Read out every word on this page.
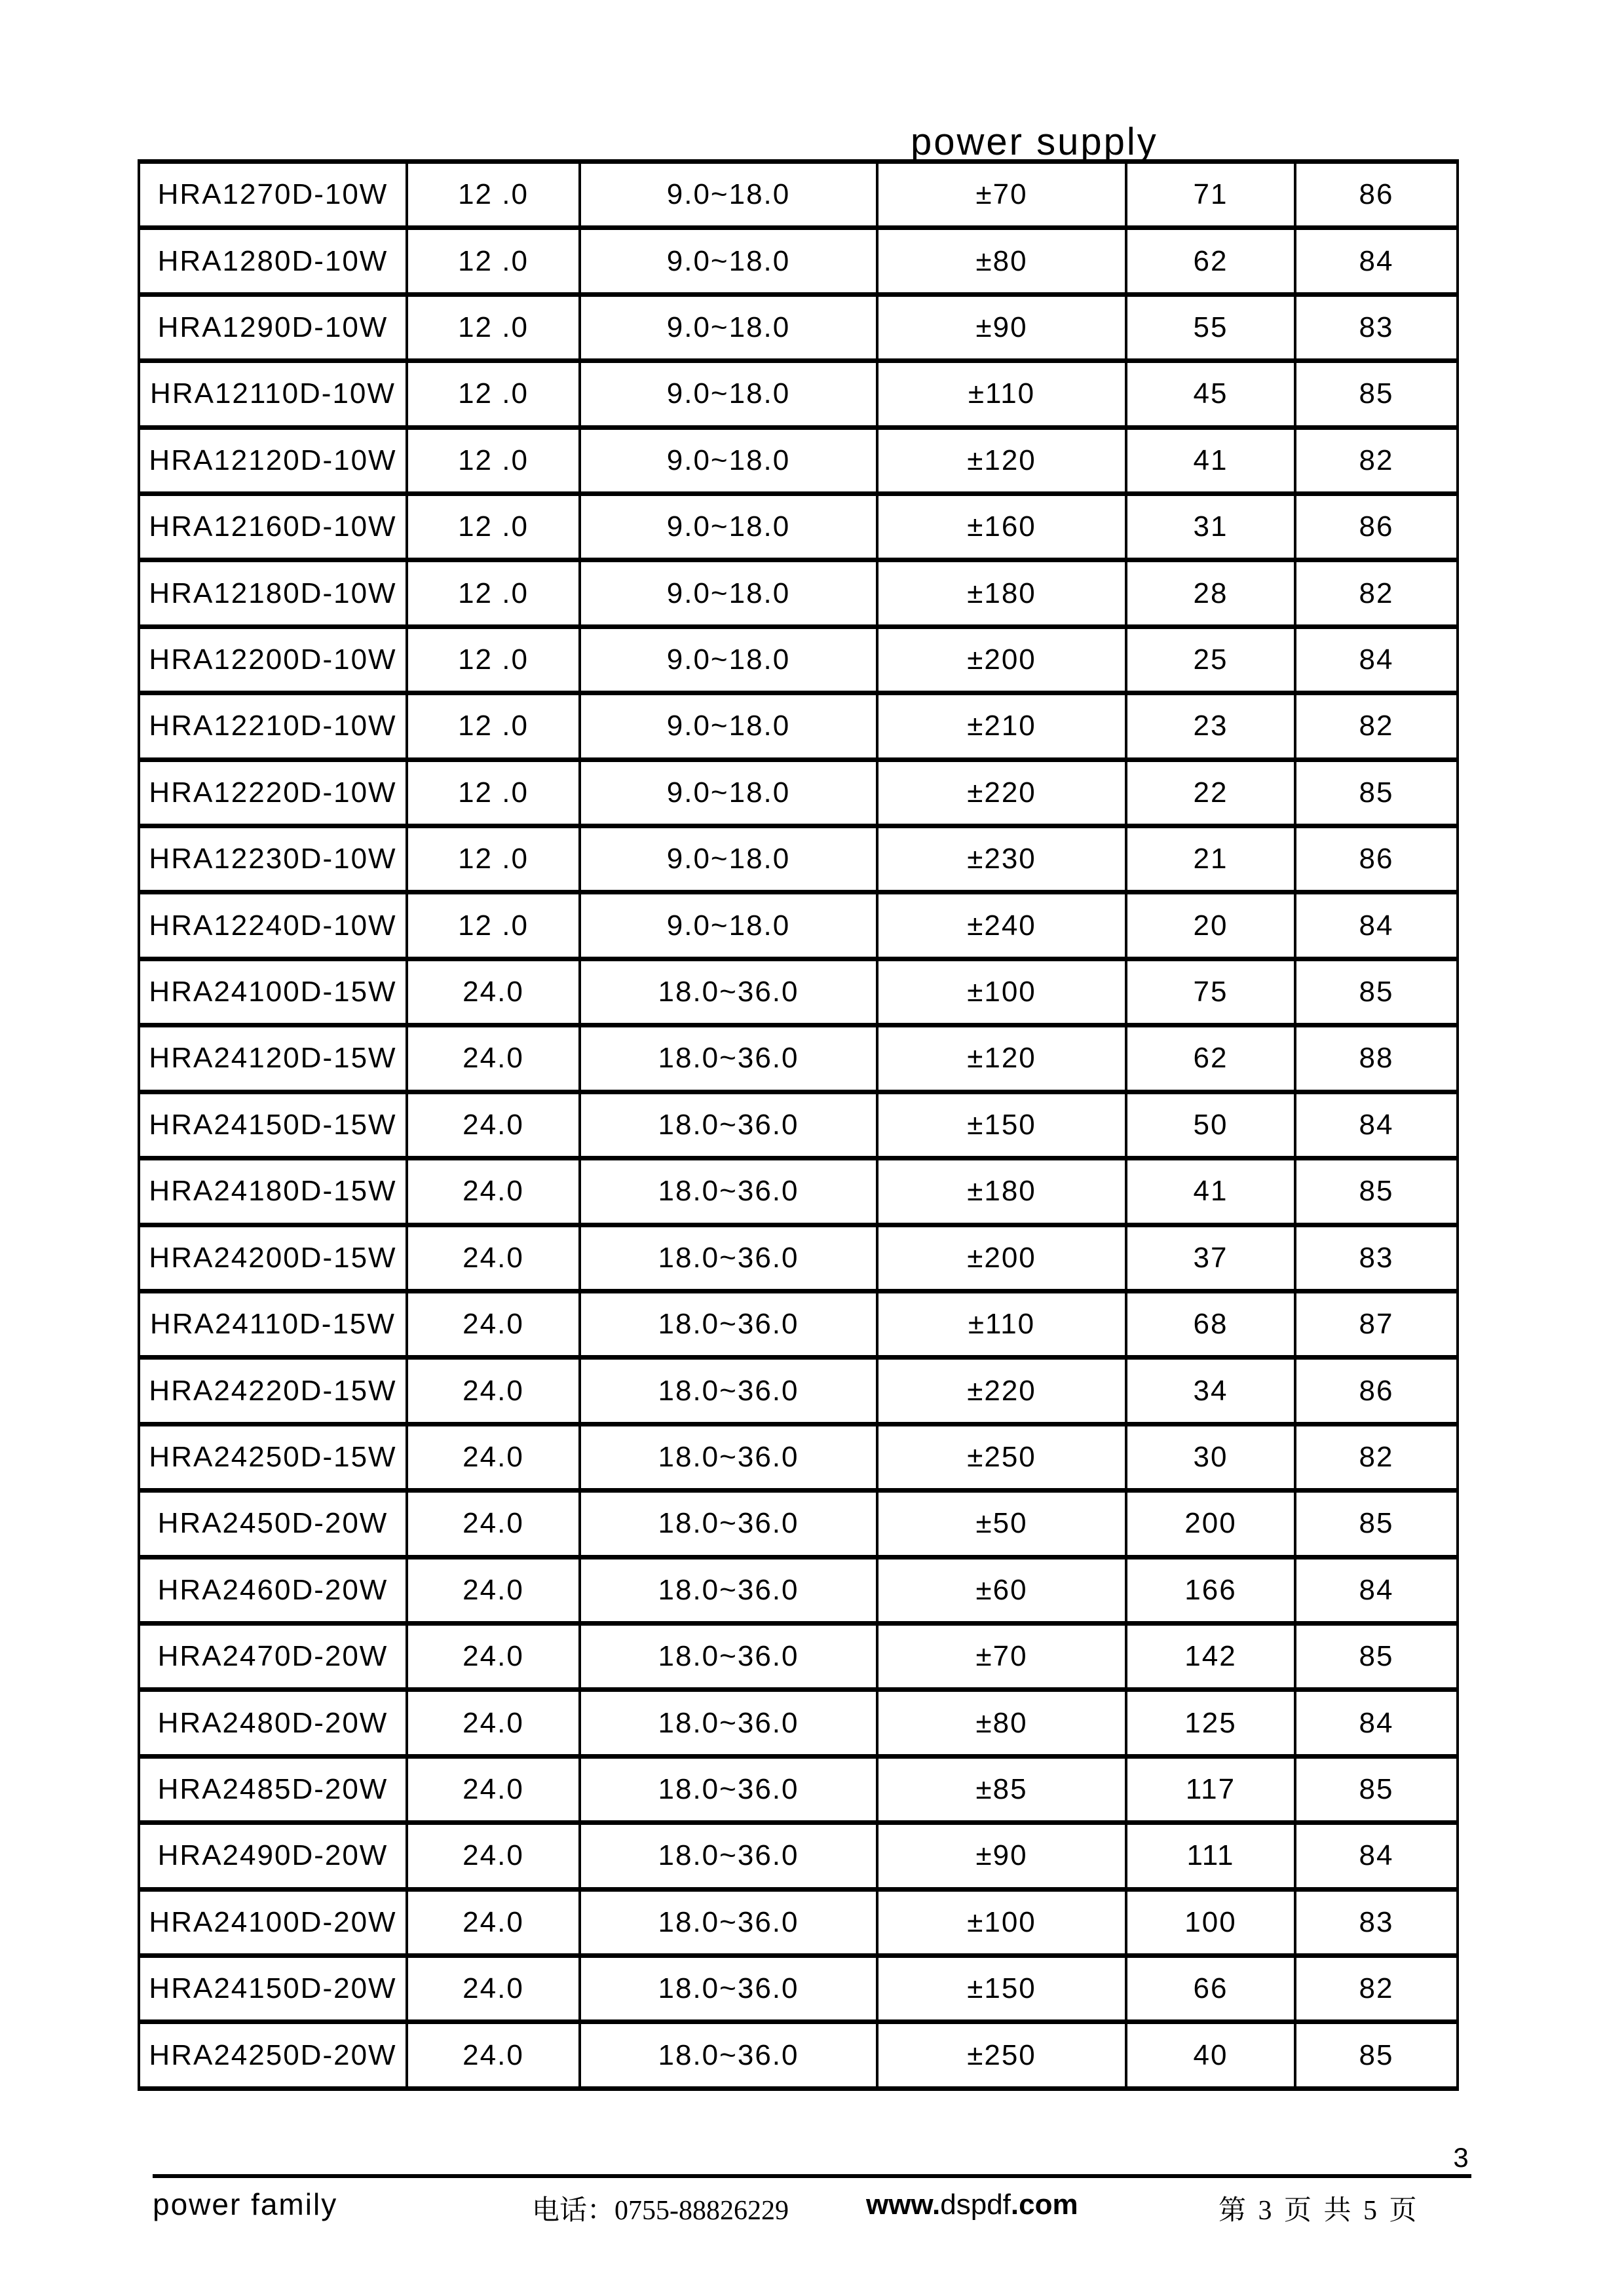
power supply
HRA1270D-10W	12 .0	9.0~18.0	±70	71	86
HRA1280D-10W	12 .0	9.0~18.0	±80	62	84
HRA1290D-10W	12 .0	9.0~18.0	±90	55	83
HRA12110D-10W	12 .0	9.0~18.0	±110	45	85
HRA12120D-10W	12 .0	9.0~18.0	±120	41	82
HRA12160D-10W	12 .0	9.0~18.0	±160	31	86
HRA12180D-10W	12 .0	9.0~18.0	±180	28	82
HRA12200D-10W	12 .0	9.0~18.0	±200	25	84
HRA12210D-10W	12 .0	9.0~18.0	±210	23	82
HRA12220D-10W	12 .0	9.0~18.0	±220	22	85
HRA12230D-10W	12 .0	9.0~18.0	±230	21	86
HRA12240D-10W	12 .0	9.0~18.0	±240	20	84
HRA24100D-15W	24.0	18.0~36.0	±100	75	85
HRA24120D-15W	24.0	18.0~36.0	±120	62	88
HRA24150D-15W	24.0	18.0~36.0	±150	50	84
HRA24180D-15W	24.0	18.0~36.0	±180	41	85
HRA24200D-15W	24.0	18.0~36.0	±200	37	83
HRA24110D-15W	24.0	18.0~36.0	±110	68	87
HRA24220D-15W	24.0	18.0~36.0	±220	34	86
HRA24250D-15W	24.0	18.0~36.0	±250	30	82
HRA2450D-20W	24.0	18.0~36.0	±50	200	85
HRA2460D-20W	24.0	18.0~36.0	±60	166	84
HRA2470D-20W	24.0	18.0~36.0	±70	142	85
HRA2480D-20W	24.0	18.0~36.0	±80	125	84
HRA2485D-20W	24.0	18.0~36.0	±85	117	85
HRA2490D-20W	24.0	18.0~36.0	±90	111	84
HRA24100D-20W	24.0	18.0~36.0	±100	100	83
HRA24150D-20W	24.0	18.0~36.0	±150	66	82
HRA24250D-20W	24.0	18.0~36.0	±250	40	85
3
power family	电话：0755-88826229	www.dspdf.com	第 3 页 共 5 页
